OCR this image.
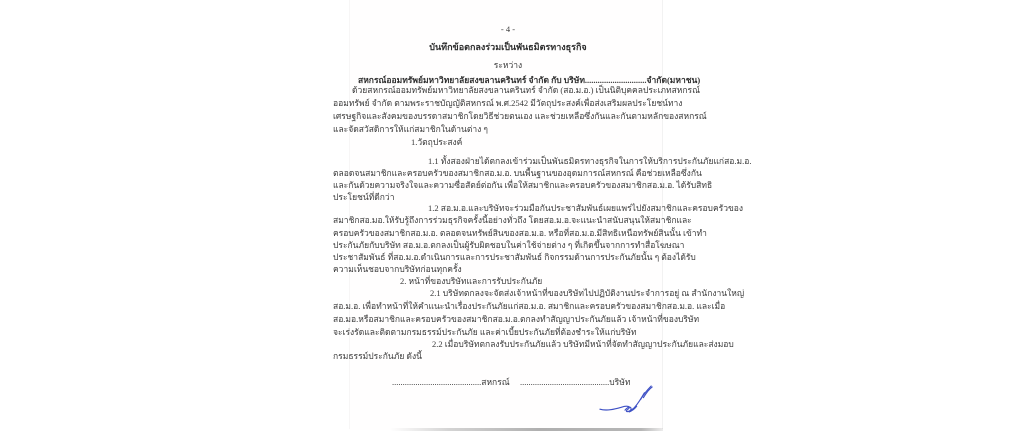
- 4 -
บันทึกข้อตกลงร่วมเป็นพันธมิตรทางธุรกิจ
ระหว่าง
สหกรณ์ออมทรัพย์มหาวิทยาลัยสงขลานครินทร์ จำกัด กับ บริษัท.............................จำกัด(มหาชน)
ด้วยสหกรณ์ออมทรัพย์มหาวิทยาลัยสงขลานครินทร์ จำกัด (สอ.ม.อ.) เป็นนิติบุคคลประเภทสหกรณ์
ออมทรัพย์ จำกัด ตามพระราชบัญญัติสหกรณ์ พ.ศ.2542 มีวัตถุประสงค์เพื่อส่งเสริมผลประโยชน์ทาง
เศรษฐกิจและสังคมของบรรดาสมาชิกโดยวิธีช่วยตนเอง และช่วยเหลือซึ่งกันและกันตามหลักของสหกรณ์
และจัดสวัสดิการให้แก่สมาชิกในด้านต่าง ๆ
1.วัตถุประสงค์
1.1 ทั้งสองฝ่ายได้ตกลงเข้าร่วมเป็นพันธมิตรทางธุรกิจในการให้บริการประกันภัยแก่สอ.ม.อ.
ตลอดจนสมาชิกและครอบครัวของสมาชิกสอ.ม.อ. บนพื้นฐานของอุดมการณ์สหกรณ์ คือช่วยเหลือซึ่งกัน
และกันด้วยความจริงใจและความซื่อสัตย์ต่อกัน เพื่อให้สมาชิกและครอบครัวของสมาชิกสอ.ม.อ. ได้รับสิทธิ
ประโยชน์ที่ดีกว่า
1.2 สอ.ม.อ.และบริษัทจะร่วมมือกันประชาสัมพันธ์เผยแพร่ไปยังสมาชิกและครอบครัวของ
สมาชิกสอ.มอ.ให้รับรู้ถึงการร่วมธุรกิจครั้งนี้อย่างทั่วถึง โดยสอ.ม.อ.จะแนะนำสนับสนุนให้สมาชิกและ
ครอบครัวของสมาชิกสอ.ม.อ. ตลอดจนทรัพย์สินของสอ.ม.อ. หรือที่สอ.ม.อ.มีสิทธิเหนือทรัพย์สินนั้น เข้าทำ
ประกันภัยกับบริษัท สอ.ม.อ.ตกลงเป็นผู้รับผิดชอบในค่าใช้จ่ายต่าง ๆ ที่เกิดขึ้นจากการทำสื่อโฆษณา
ประชาสัมพันธ์ ที่สอ.ม.อ.ดำเนินการและการประชาสัมพันธ์ กิจกรรมด้านการประกันภัยนั้น ๆ ต้องได้รับ
ความเห็นชอบจากบริษัทก่อนทุกครั้ง
2. หน้าที่ของบริษัทและการรับประกันภัย
2.1 บริษัทตกลงจะจัดส่งเจ้าหน้าที่ของบริษัทไปปฏิบัติงานประจำการอยู่ ณ สำนักงานใหญ่
สอ.ม.อ. เพื่อทำหน้าที่ให้คำแนะนำเรื่องประกันภัยแก่สอ.ม.อ. สมาชิกและครอบครัวของสมาชิกสอ.ม.อ. และเมื่อ
สอ.มอ.หรือสมาชิกและครอบครัวของสมาชิกสอ.ม.อ.ตกลงทำสัญญาประกันภัยแล้ว เจ้าหน้าที่ของบริษัท
จะเร่งรัดและติดตามกรมธรรม์ประกันภัย และค่าเบี้ยประกันภัยที่ต้องชำระให้แก่บริษัท
2.2 เมื่อบริษัทตกลงรับประกันภัยแล้ว บริษัทมีหน้าที่จัดทำสัญญาประกันภัยและส่งมอบ
กรมธรรม์ประกันภัย ดังนี้
..........................................สหกรณ์ ..........................................บริษัท
